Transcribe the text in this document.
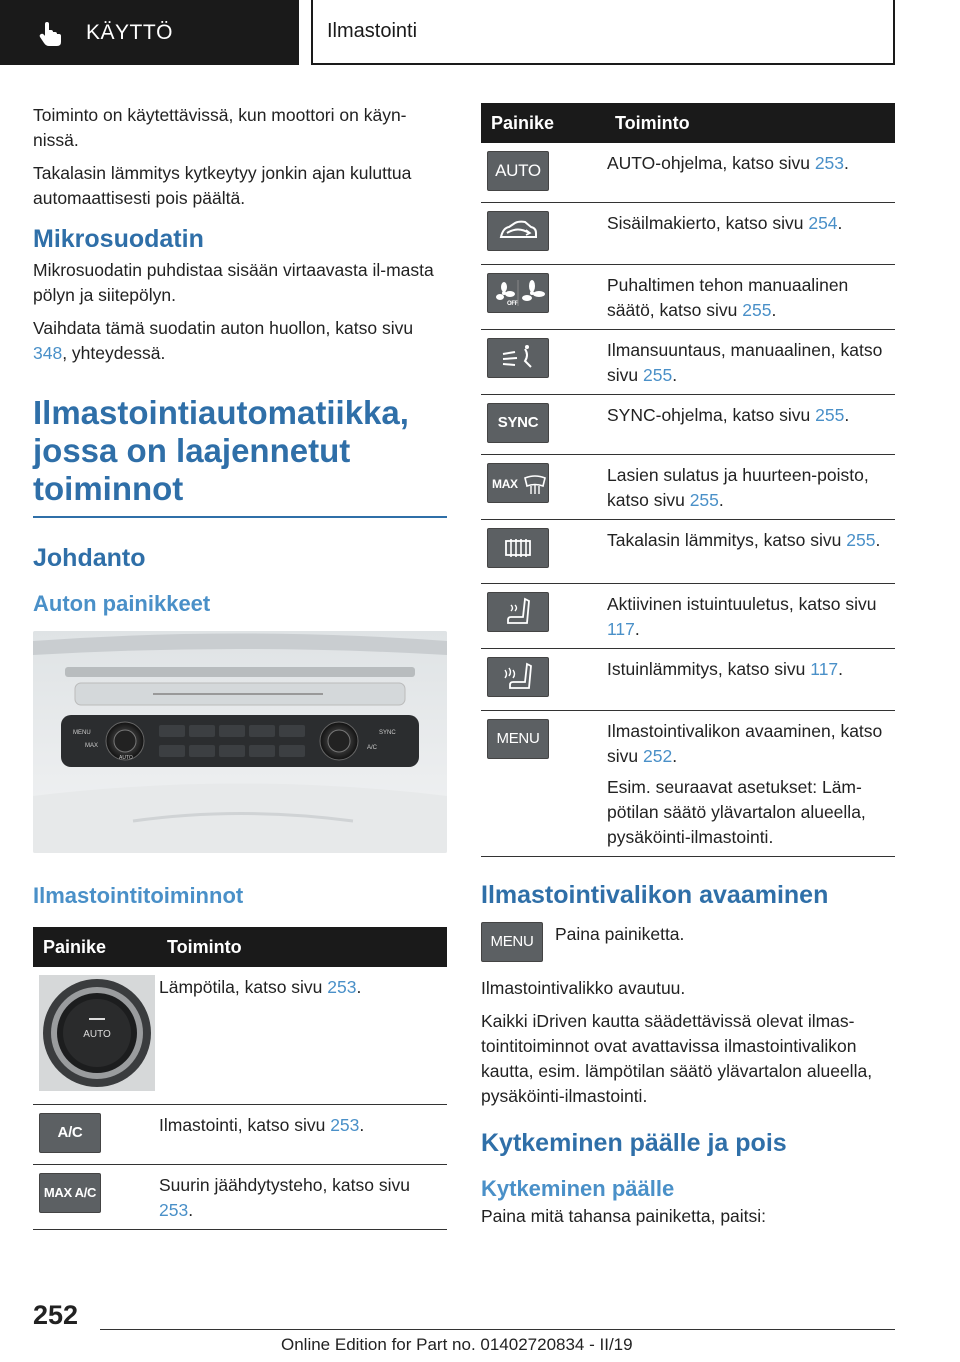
KÄYTTÖ	Ilmastointi

Toiminto on käytettävissä, kun moottori on käyn-nissä.

Takalasin lämmitys kytkeytyy jonkin ajan kuluttua automaattisesti pois päältä.

Mikrosuodatin

Mikrosuodatin puhdistaa sisään virtaavasta il-masta pölyn ja siitepölyn.

Vaihdata tämä suodatin auton huollon, katso sivu 348, yhteydessä.

Ilmastointiautomatiikka, jossa on laajennetut toiminnot
Johdanto
Auton painikkeet
MENU
MAX
AUTO
SYNC
A/C
Ilmastointitoiminnot
Painike	Toiminto

AUTO	Lämpötila, katso sivu 253.
A/C	Ilmastointi, katso sivu 253.
MAX A/C	Suurin jäähdytysteho, katso sivu 253.
Painike	Toiminto
AUTO	AUTO-ohjelma, katso sivu 253.

	Sisäilmakierto, katso sivu 254.

OFF	Puhaltimen tehon manuaalinen säätö, katso sivu 255.

	Ilmansuuntaus, manuaalinen, katso sivu 255.
SYNC	SYNC-ohjelma, katso sivu 255.

MAX	Lasien sulatus ja huurteen-poisto, katso sivu 255.

	Takalasin lämmitys, katso sivu 255.

	Aktiivinen istuintuuletus, katso sivu 117.

	Istuinlämmitys, katso sivu 117.
MENU	Ilmastointivalikon avaaminen, katso sivu 252.
Esim. seuraavat asetukset: Läm-pötilan säätö ylävartalon alueella, pysäköinti-ilmastointi.
Ilmastointivalikon avaaminen
MENU	Paina painiketta.

Ilmastointivalikko avautuu.

Kaikki iDriven kautta säädettävissä olevat ilmas-tointitoiminnot ovat avattavissa ilmastointivalikon kautta, esim. lämpötilan säätö ylävartalon alueella, pysäköinti-ilmastointi.

Kytkeminen päälle ja pois
Kytkeminen päälle

Paina mitä tahansa painiketta, paitsi:

252
Online Edition for Part no. 01402720834 - II/19
